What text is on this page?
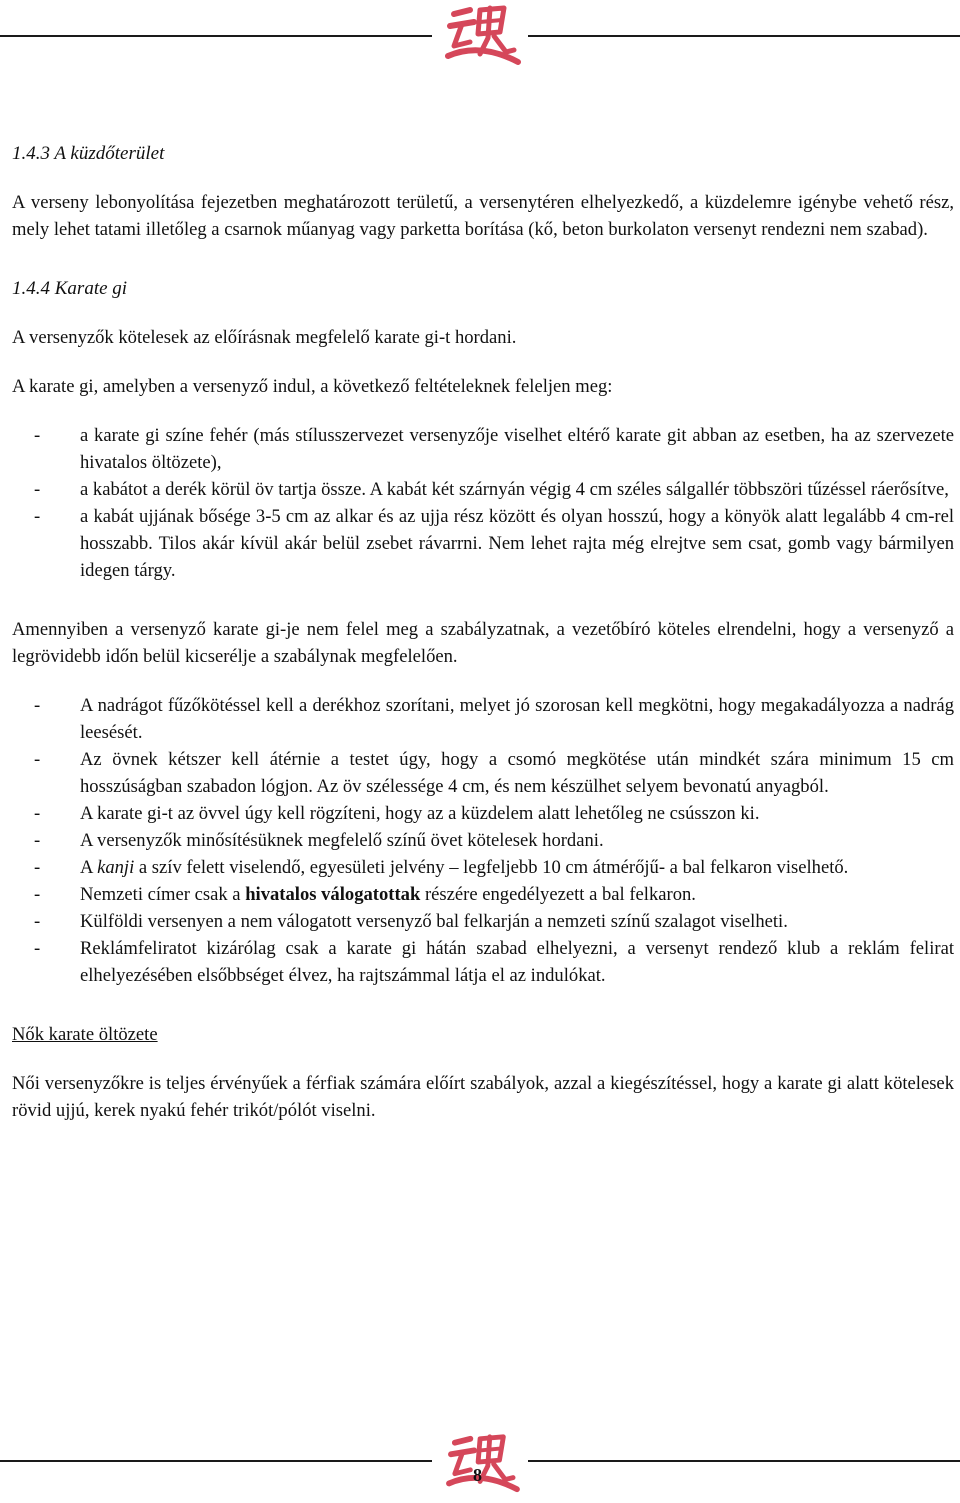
1.4.3 A küzdőterület

A verseny lebonyolítása fejezetben meghatározott területű, a versenytéren elhelyezkedő, a küzdelemre igénybe vehető rész, mely lehet tatami illetőleg a csarnok műanyag vagy parketta borítása (kő, beton burkolaton versenyt rendezni nem szabad).

1.4.4 Karate gi

A versenyzők kötelesek az előírásnak megfelelő karate gi-t hordani.

A karate gi, amelyben a versenyző indul, a következő feltételeknek feleljen meg:

- a karate gi színe fehér (más stílusszervezet versenyzője viselhet eltérő karate git abban az esetben, ha az szervezete hivatalos öltözete),
- a kabátot a derék körül öv tartja össze. A kabát két szárnyán végig 4 cm széles sálgallér többszöri tűzéssel ráerősítve,
- a kabát ujjának bősége 3-5 cm az alkar és az ujja rész között és olyan hosszú, hogy a könyök alatt legalább 4 cm-rel hosszabb. Tilos akár kívül akár belül zsebet rávarrni. Nem lehet rajta még elrejtve sem csat, gomb vagy bármilyen idegen tárgy.

Amennyiben a versenyző karate gi-je nem felel meg a szabályzatnak, a vezetőbíró köteles elrendelni, hogy a versenyző a legrövidebb időn belül kicserélje a szabálynak megfelelően.

- A nadrágot fűzőkötéssel kell a derékhoz szorítani, melyet jó szorosan kell megkötni, hogy megakadályozza a nadrág leesését.
- Az övnek kétszer kell átérnie a testet úgy, hogy a csomó megkötése után mindkét szára minimum 15 cm hosszúságban szabadon lógjon. Az öv szélessége 4 cm, és nem készülhet selyem bevonatú anyagból.
- A karate gi-t az övvel úgy kell rögzíteni, hogy az a küzdelem alatt lehetőleg ne csússzon ki.
- A versenyzők minősítésüknek megfelelő színű övet kötelesek hordani.
- A kanji a szív felett viselendő, egyesületi jelvény – legfeljebb 10 cm átmérőjű- a bal felkaron viselhető.
- Nemzeti címer csak a hivatalos válogatottak részére engedélyezett a bal felkaron.
- Külföldi versenyen a nem válogatott versenyző bal felkarján a nemzeti színű szalagot viselheti.
- Reklámfeliratot kizárólag csak a karate gi hátán szabad elhelyezni, a versenyt rendező klub a reklám felirat elhelyezésében elsőbbséget élvez, ha rajtszámmal látja el az indulókat.

Nők karate öltözete

Női versenyzőkre is teljes érvényűek a férfiak számára előírt szabályok, azzal a kiegészítéssel, hogy a karate gi alatt kötelesek rövid ujjú, kerek nyakú fehér trikót/pólót viselni.

8
